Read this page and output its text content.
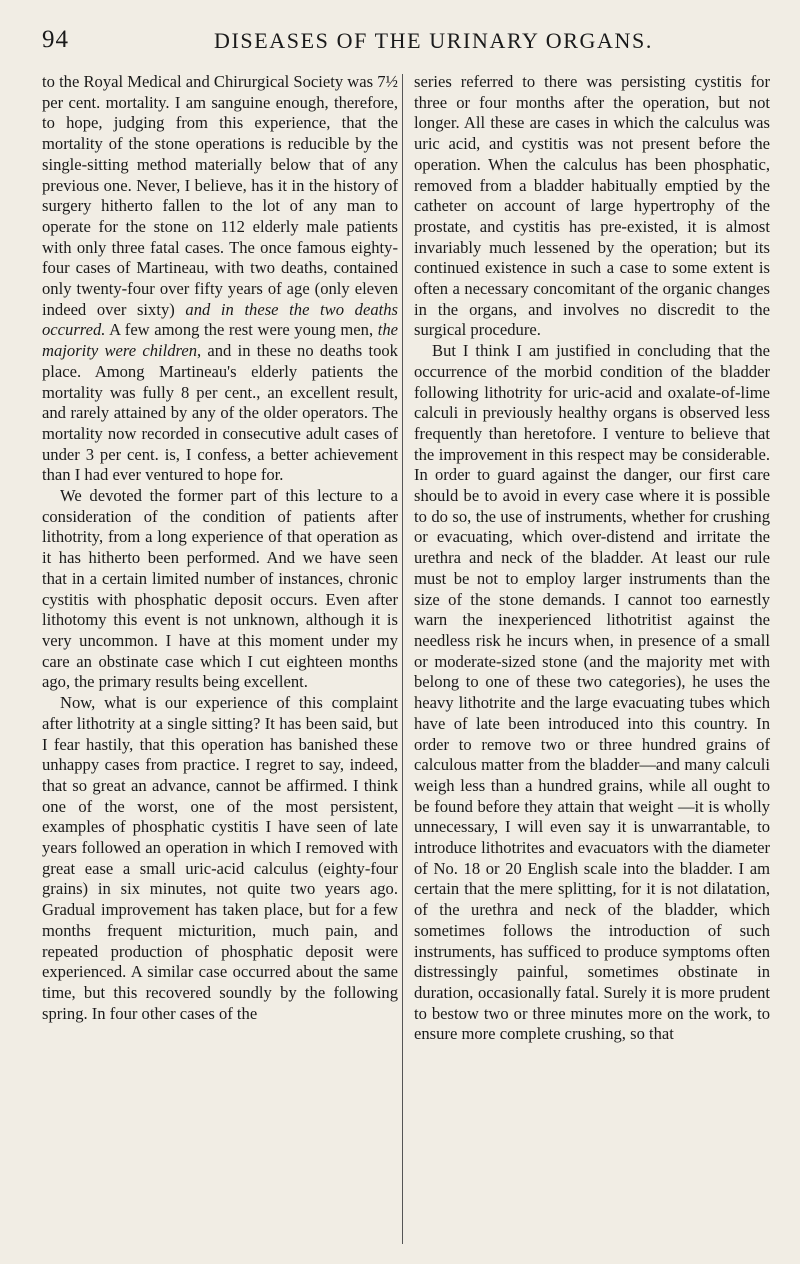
94	DISEASES OF THE URINARY ORGANS.

to the Royal Medical and Chirurgical Society was 7½ per cent. mortality. I am sanguine enough, therefore, to hope, judging from this experience, that the mortality of the stone operations is reducible by the single-sitting method materially below that of any previous one. Never, I believe, has it in the history of surgery hitherto fallen to the lot of any man to operate for the stone on 112 elderly male patients with only three fatal cases. The once famous eighty-four cases of Martineau, with two deaths, contained only twenty-four over fifty years of age (only eleven indeed over sixty) and in these the two deaths occurred. A few among the rest were young men, the majority were children, and in these no deaths took place. Among Martineau's elderly patients the mortality was fully 8 per cent., an excellent result, and rarely attained by any of the older operators. The mortality now recorded in consecutive adult cases of under 3 per cent. is, I confess, a better achievement than I had ever ventured to hope for.

We devoted the former part of this lecture to a consideration of the condition of patients after lithotrity, from a long experience of that operation as it has hitherto been performed. And we have seen that in a certain limited number of instances, chronic cystitis with phosphatic deposit occurs. Even after lithotomy this event is not unknown, although it is very uncommon. I have at this moment under my care an obstinate case which I cut eighteen months ago, the primary results being excellent.

Now, what is our experience of this complaint after lithotrity at a single sitting? It has been said, but I fear hastily, that this operation has banished these unhappy cases from practice. I regret to say, indeed, that so great an advance, cannot be affirmed. I think one of the worst, one of the most persistent, examples of phosphatic cystitis I have seen of late years followed an operation in which I removed with great ease a small uric-acid calculus (eighty-four grains) in six minutes, not quite two years ago. Gradual improvement has taken place, but for a few months frequent micturition, much pain, and repeated production of phosphatic deposit were experienced. A similar case occurred about the same time, but this recovered soundly by the following spring. In four other cases of the

series referred to there was persisting cystitis for three or four months after the operation, but not longer. All these are cases in which the calculus was uric acid, and cystitis was not present before the operation. When the calculus has been phosphatic, removed from a bladder habitually emptied by the catheter on account of large hypertrophy of the prostate, and cystitis has pre-existed, it is almost invariably much lessened by the operation; but its continued existence in such a case to some extent is often a necessary concomitant of the organic changes in the organs, and involves no discredit to the surgical procedure.

But I think I am justified in concluding that the occurrence of the morbid condition of the bladder following lithotrity for uric-acid and oxalate-of-lime calculi in previously healthy organs is observed less frequently than heretofore. I venture to believe that the improvement in this respect may be considerable. In order to guard against the danger, our first care should be to avoid in every case where it is possible to do so, the use of instruments, whether for crushing or evacuating, which over-distend and irritate the urethra and neck of the bladder. At least our rule must be not to employ larger instruments than the size of the stone demands. I cannot too earnestly warn the inexperienced lithotritist against the needless risk he incurs when, in presence of a small or moderate-sized stone (and the majority met with belong to one of these two categories), he uses the heavy lithotrite and the large evacuating tubes which have of late been introduced into this country. In order to remove two or three hundred grains of calculous matter from the bladder—and many calculi weigh less than a hundred grains, while all ought to be found before they attain that weight —it is wholly unnecessary, I will even say it is unwarrantable, to introduce lithotrites and evacuators with the diameter of No. 18 or 20 English scale into the bladder. I am certain that the mere splitting, for it is not dilatation, of the urethra and neck of the bladder, which sometimes follows the introduction of such instruments, has sufficed to produce symptoms often distressingly painful, sometimes obstinate in duration, occasionally fatal. Surely it is more prudent to bestow two or three minutes more on the work, to ensure more complete crushing, so that
